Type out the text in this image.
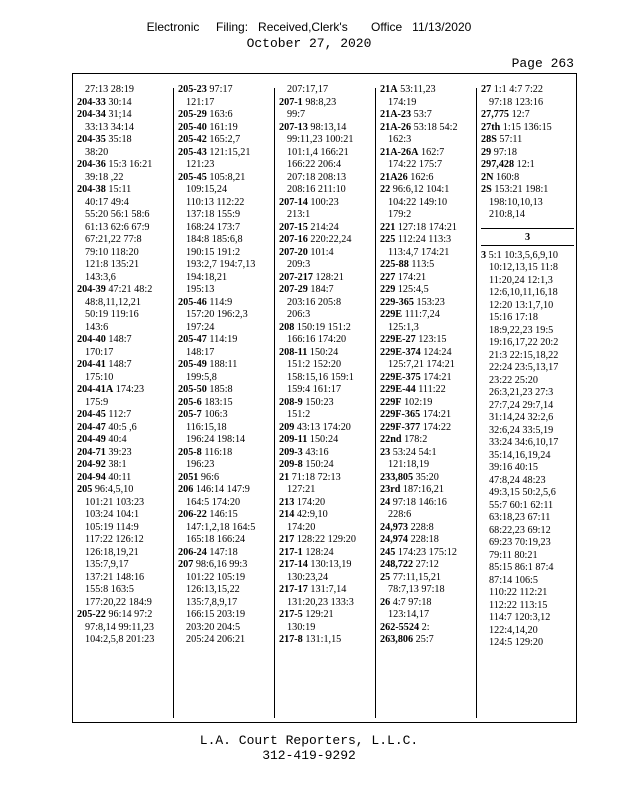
Electronic     Filing:   Received,Clerk's       Office   11/13/2020
October 27, 2020
Page 263
27:13 28:19
204-33 30:14
204-34 31;14
33:13 34:14
204-35 35:18
38:20
204-36 15:3 16:21
39:18 ,22
204-38 15:11
40:17 49:4
55:20 56:1 58:6
61:13 62:6 67:9
67:21,22 77:8
79:10 118:20
121:8 135:21
143:3,6
204-39 47:21 48:2
48:8,11,12,21
50:19 119:16
143:6
204-40 148:7
170:17
204-41 148:7
175:10
204-41A 174:23
175:9
204-45 112:7
204-47 40:5 ,6
204-49 40:4
204-71 39:23
204-92 38:1
204-94 40:11
205 96:4,5,10
101:21 103:23
103:24 104:1
105:19 114:9
117:22 126:12
126:18,19,21
135:7,9,17
137:21 148:16
155:8 163:5
177:20,22 184:9
205-22 96:14 97:2
97:8,14 99:11,23
104:2,5,8 201:23
205-23 97:17
121:17
205-29 163:6
205-40 161:19
205-42 165:2,7
205-43 121:15,21
121:23
205-45 105:8,21
109:15,24
110:13 112:22
137:18 155:9
168:24 173:7
184:8 185:6,8
190:15 191:2
193:2,7 194:7,13
194:18,21
195:13
205-46 114:9
157:20 196:2,3
197:24
205-47 114:19
148:17
205-49 188:11
199:5,8
205-50 185:8
205-6 183:15
205-7 106:3
116:15,18
196:24 198:14
205-8 116:18
196:23
2051 96:6
206 146:14 147:9
164:5 174:20
206-22 146:15
147:1,2,18 164:5
165:18 166:24
206-24 147:18
207 98:6,16 99:3
101:22 105:19
126:13,15,22
135:7,8,9,17
166:15 203:19
203:20 204:5
205:24 206:21
207:17,17
207-1 98:8,23
99:7
207-13 98:13,14
99:11,23 100:21
101:1,4 166:21
166:22 206:4
207:18 208:13
208:16 211:10
207-14 100:23
213:1
207-15 214:24
207-16 220:22,24
207-20 101:4
209:3
207-217 128:21
207-29 184:7
203:16 205:8
206:3
208 150:19 151:2
166:16 174:20
208-11 150:24
151:2 152:20
158:15,16 159:1
159:4 161:17
208-9 150:23
151:2
209 43:13 174:20
209-11 150:24
209-3 43:16
209-8 150:24
21 71:18 72:13
127:21
213 174:20
214 42:9,10
174:20
217 128:22 129:20
217-1 128:24
217-14 130:13,19
130:23,24
217-17 131:7,14
131:20,23 133:3
217-5 129:21
130:19
217-8 131:1,15
21A 53:11,23
174:19
21A-23 53:7
21A-26 53:18 54:2
162:3
21A-26A 162:7
174:22 175:7
21A26 162:6
22 96:6,12 104:1
104:22 149:10
179:2
221 127:18 174:21
225 112:24 113:3
113:4,7 174:21
225-88 113:5
227 174:21
229 125:4,5
229-365 153:23
229E 111:7,24
125:1,3
229E-27 123:15
229E-374 124:24
125:7,21 174:21
229E-375 174:21
229E-44 111:22
229F 102:19
229F-365 174:21
229F-377 174:22
22nd 178:2
23 53:24 54:1
121:18,19
233,805 35:20
23rd 187:16,21
24 97:18 146:16
228:6
24,973 228:8
24,974 228:18
245 174:23 175:12
248,722 27:12
25 77:11,15,21
78:7,13 97:18
26 4:7 97:18
123:14,17
262-5524 2:
263,806 25:7
27 1:1 4:7 7:22
97:18 123:16
27,775 12:7
27th 1:15 136:15
28S 57:11
29 97:18
297,428 12:1
2N 160:8
2S 153:21 198:1
198:10,10,13
210:8,14
3
3 5:1 10:3,5,6,9,10
10:12,13,15 11:8
11:20,24 12:1,3
12:6,10,11,16,18
12:20 13:1,7,10
15:16 17:18
18:9,22,23 19:5
19:16,17,22 20:2
21:3 22:15,18,22
22:24 23:5,13,17
23:22 25:20
26:3,21,23 27:3
27:7,24 29:7,14
31:14,24 32:2,6
32:6,24 33:5,19
33:24 34:6,10,17
35:14,16,19,24
39:16 40:15
47:8,24 48:23
49:3,15 50:2,5,6
55:7 60:1 62:11
63:18,23 67:11
68:22,23 69:12
69:23 70:19,23
79:11 80:21
85:15 86:1 87:4
87:14 106:5
110:22 112:21
112:22 113:15
114:7 120:3,12
122:4,14,20
124:5 129:20
L.A. Court Reporters, L.L.C.
312-419-9292
